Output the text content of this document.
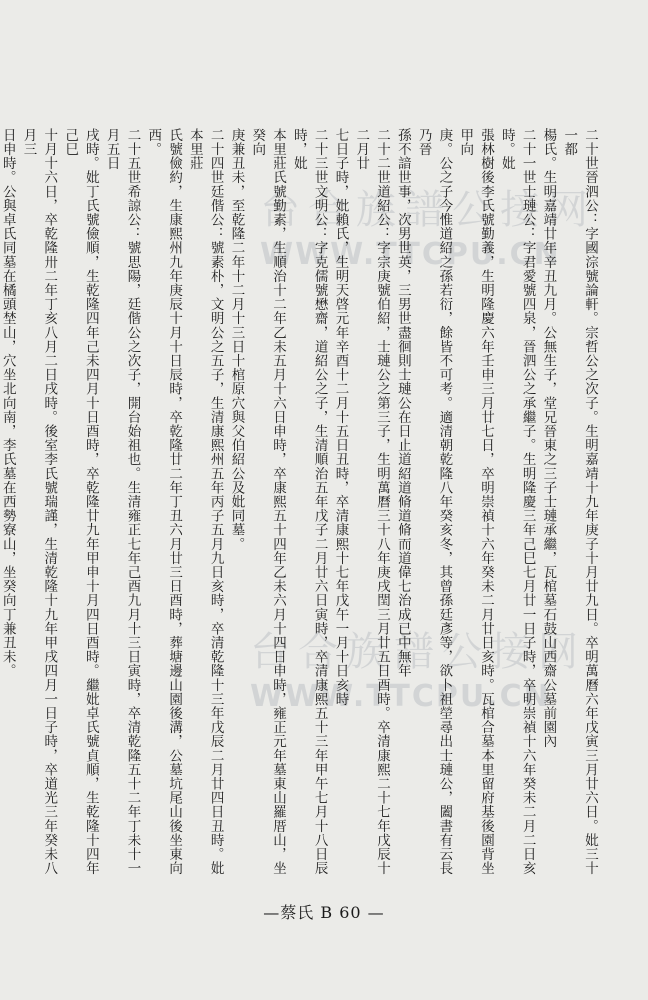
台合族譜公接网
WWW.TTCPU.CN
台合族譜公接网
WWW.TTCPU.CN	二十世晉泗公：字國淙號論軒。宗哲公之次子。生明嘉靖十九年庚子十月廿九日。卒明萬曆六年戊寅三月廿六日。妣三十一都
楊氏。生明嘉靖廿年辛丑九月。公無生子，堂兄晉東之三子士璉承繼，瓦棺墓石鼓山西齋公墓前園內
二十一世士璉公：字君愛號四泉，晉泗公之承繼子。生明隆慶三年己巳七月廿一日子時，卒明崇禎十六年癸未二月二日亥時。妣
張林樹後李氏號勤義，生明隆慶六年壬申三月廿七日，卒明崇禎十六年癸未二月廿日亥時。瓦棺合墓本里留府基後園背坐甲向
庚。公之子今惟道紹之孫若衍，餘皆不可考。適清朝乾隆八年癸亥冬，其曾孫廷彥等，欲卜祖塋尋出士璉公，闔書有云長乃晉
孫不諳世事，次男世英，三男世盡徊則士璉公在日止道紹道脩道脩而道偉七治成已中無年
二十二世道紹公：字宗庚號伯紹，士璉公之第三子，生明萬曆三十八年庚戌閏三月廿五日酉時。卒清康熙二十七年戊辰十二月廿
七日子時，妣賴氏，生明天啓元年辛酉十二月十五日丑時，卒清康熙十七年戊午一月十日亥時
二十三世文明公：字克儒號懋齋，道紹公之子，生清順治五年戊子二月廿六日寅時，卒清康熙五十三年甲午七月十八日辰時，妣
本里莊氏號勤素，生順治十二年乙未五月十六日申時，卒康熙五十四年乙未六月十四日申時，雍正元年墓東山羅厝山，坐癸向
庚兼丑未，至乾隆二年十二月十三日十棺原穴與父伯紹公及妣同墓。
二十四世廷偕公：號素朴，文明公之五子，生清康熙州五年丙子五月九日亥時，卒清乾隆十三年戊辰二月廿四日丑時。妣本里莊
氏號儉約，生康熙州九年庚辰十月十日辰時，卒乾隆廿二年丁丑六月廿三日酉時，葬塘邊山園後溝，公墓坑尾山後坐東向西。
二十五世希諒公：號思陽，廷偕公之次子，開台始祖也。生清雍正七年己酉九月十三日寅時，卒清乾隆五十二年丁未十一月五日
戌時。妣丁氏號儉順，生乾隆四年己未四月十日酉時，卒乾隆廿九年甲申十月四日酉時。繼妣卓氏號貞順，生乾隆十四年己巳
十月十六日，卒乾隆卅二年丁亥八月二日戌時。後室李氏號瑞謹，生清乾隆十九年甲戌四月一日子時，卒道光三年癸未八月三
日申時。公與卓氏同墓在橘頭埜山，穴坐北向南，李氏墓在西勢寮山，坐癸向丁兼丑未。
—蔡氏 B 60 —
